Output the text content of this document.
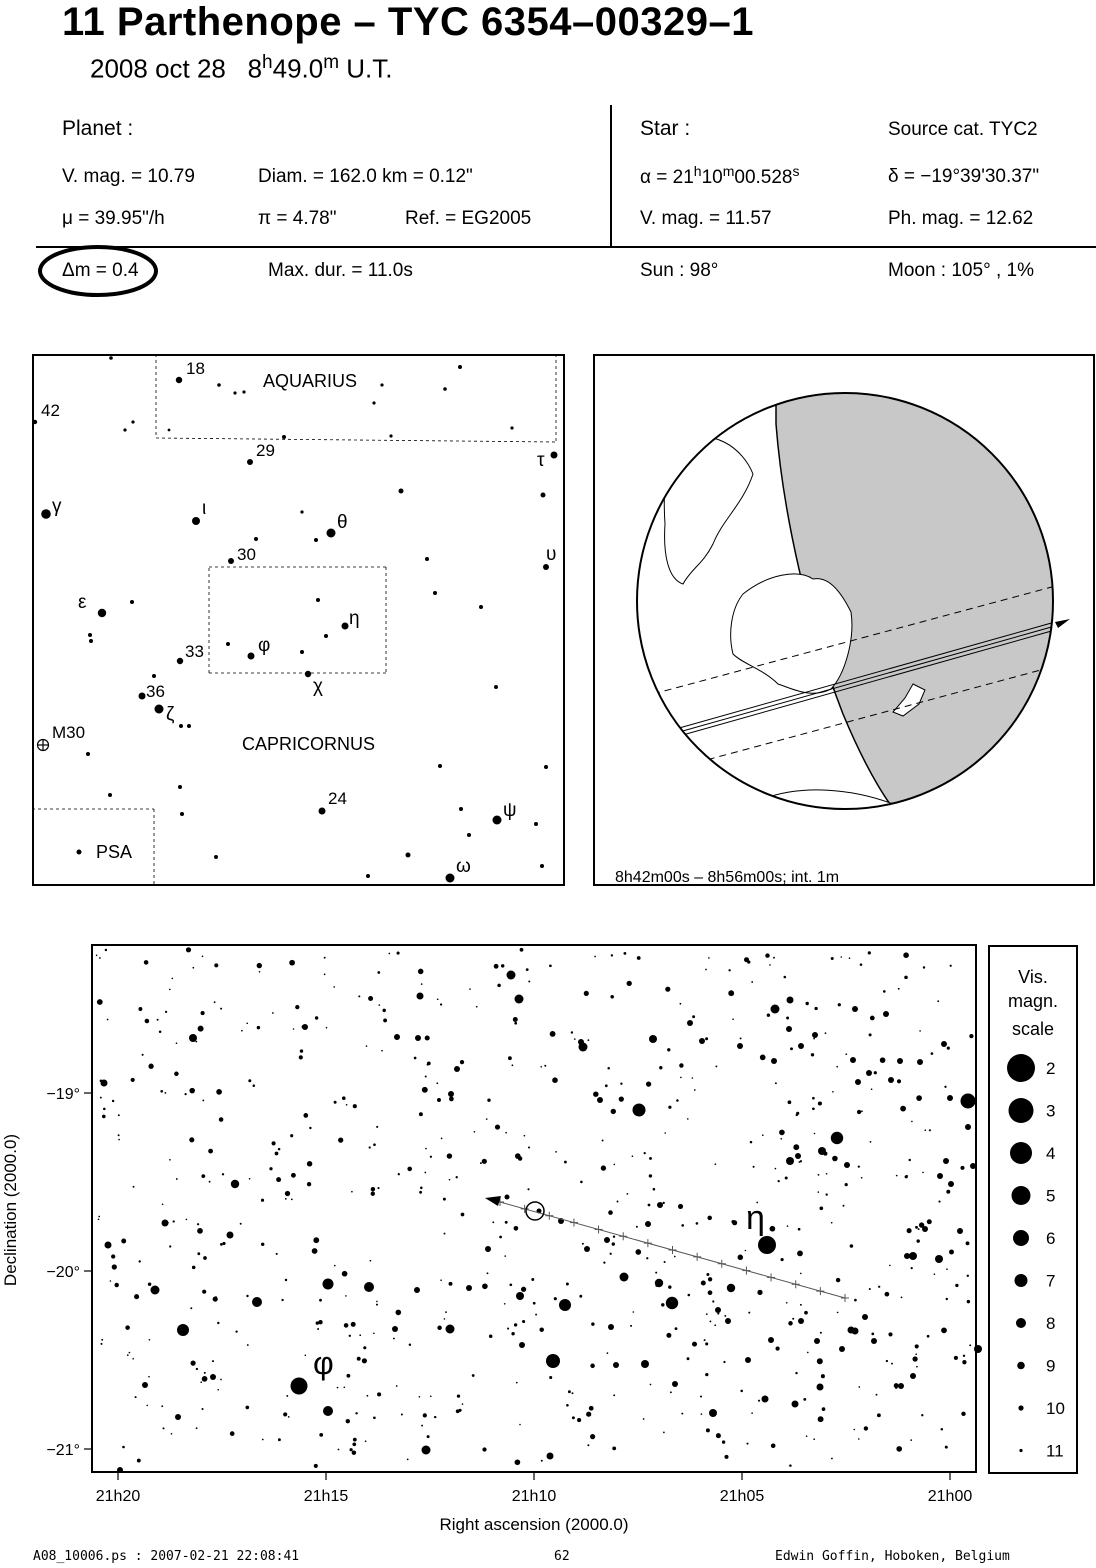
11 Parthenope – TYC 6354–00329–1
2008 oct 28 8$^h$49.0$^m$ U.T.
Planet :
V. mag. = 10.79	Diam. = 162.0 km = 0.12"
μ = 39.95"/h	π = 4.78"	Ref. = EG2005
Star :	Source cat. TYC2
$\alpha = 21^h10^m00.528^s$	δ = −19°39'30.37"
V. mag. = 11.57	Ph. mag. = 12.62
Δm = 0.4	Max. dur. = 11.0s	Sun : 98°	Moon : 105° , 1%
AQUARIUS
CAPRICORNUS
PSA
18
42
29	τ
γ	ι
θ
30	υ
ε
η
33	φ
χ
36
ζ
M30
24
ψ
ω
8h42m00s – 8h56m00s; int. 1m
−19°
−20°
−21°
21h20	21h15	21h10	21h05	21h00
η
φ
Declination (2000.0)
Right ascension (2000.0)
Vis.
magn.
scale
2
3
4
5
6
7
8
9
10
11
A08_10006.ps : 2007-02-21 22:08:41	62	Edwin Goffin, Hoboken, Belgium
